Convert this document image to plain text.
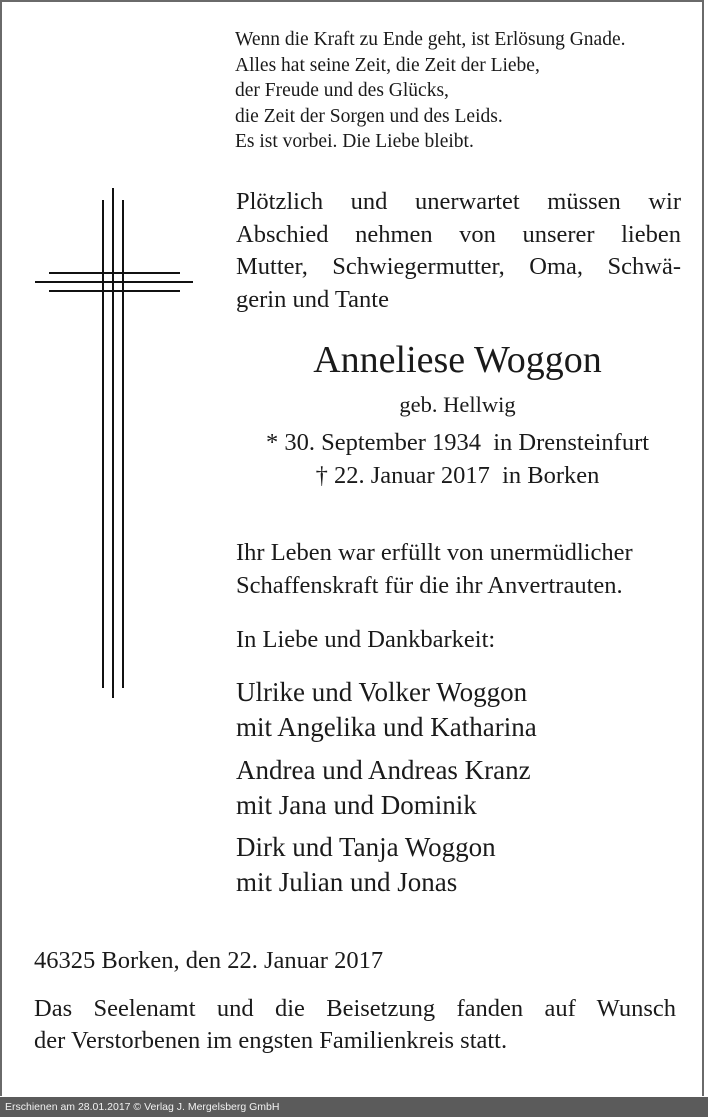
Wenn die Kraft zu Ende geht, ist Erlösung Gnade.
Alles hat seine Zeit, die Zeit der Liebe,
der Freude und des Glücks,
die Zeit der Sorgen und des Leids.
Es ist vorbei. Die Liebe bleibt.
Plötzlich und unerwartet müssen wir
Abschied nehmen von unserer lieben
Mutter, Schwiegermutter, Oma, Schwä-
gerin und Tante
Anneliese Woggon
geb. Hellwig
* 30. September 1934  in Drensteinfurt
† 22. Januar 2017  in Borken
Ihr Leben war erfüllt von unermüdlicher
Schaffenskraft für die ihr Anvertrauten.
In Liebe und Dankbarkeit:
Ulrike und Volker Woggon
mit Angelika und Katharina
Andrea und Andreas Kranz
mit Jana und Dominik
Dirk und Tanja Woggon
mit Julian und Jonas
46325 Borken, den 22. Januar 2017
Das Seelenamt und die Beisetzung fanden auf Wunsch
der Verstorbenen im engsten Familienkreis statt.
Erschienen am 28.01.2017 © Verlag J. Mergelsberg GmbH
